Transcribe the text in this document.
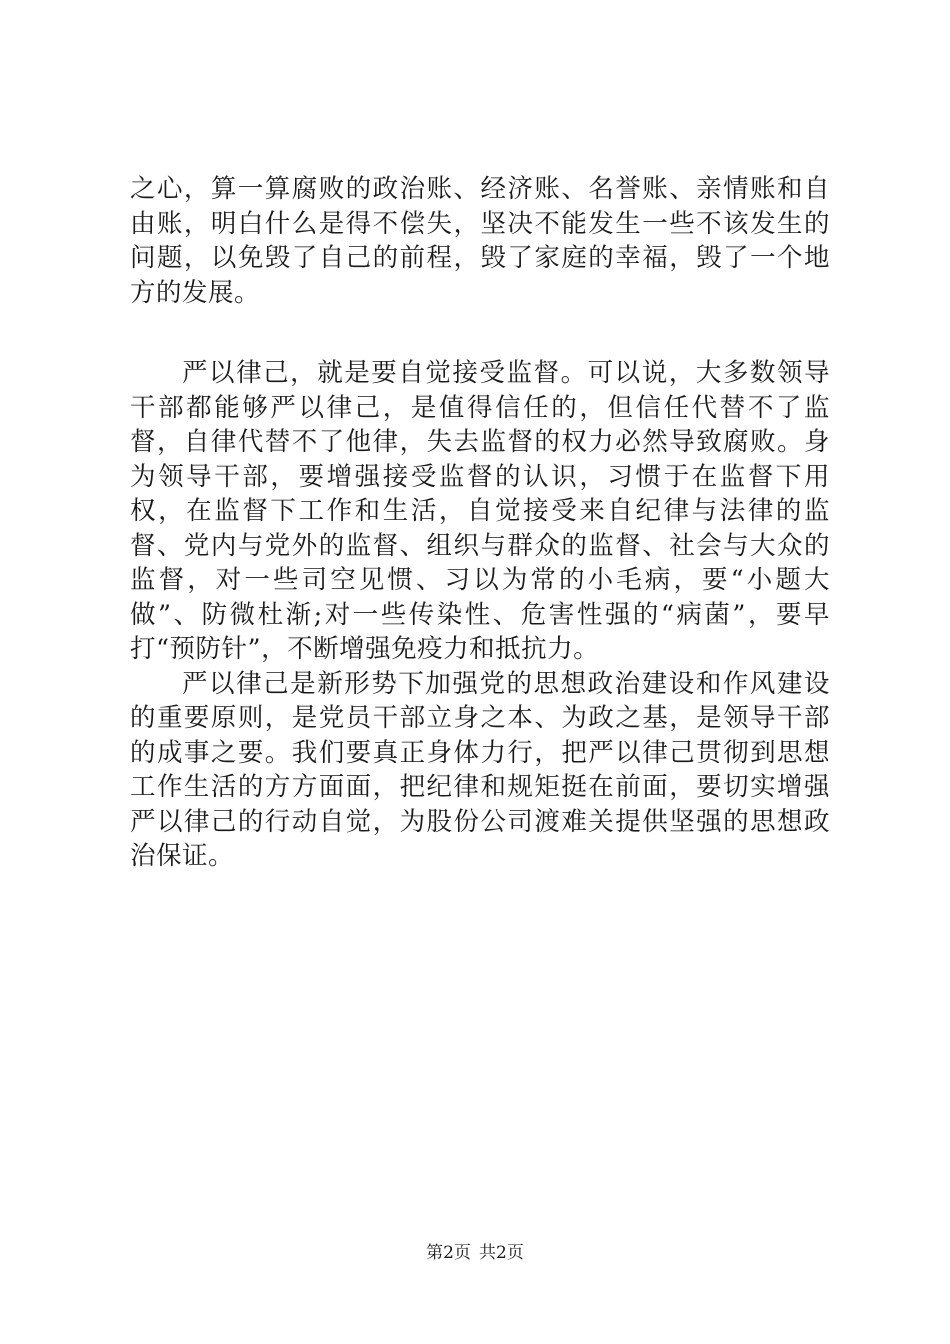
之心，算一算腐败的政治账、经济账、名誉账、亲情账和自由账，明白什么是得不偿失，坚决不能发生一些不该发生的问题，以免毁了自己的前程，毁了家庭的幸福，毁了一个地方的发展。

严以律己，就是要自觉接受监督。可以说，大多数领导干部都能够严以律己，是值得信任的，但信任代替不了监督，自律代替不了他律，失去监督的权力必然导致腐败。身为领导干部，要增强接受监督的认识，习惯于在监督下用权，在监督下工作和生活，自觉接受来自纪律与法律的监督、党内与党外的监督、组织与群众的监督、社会与大众的监督，对一些司空见惯、习以为常的小毛病，要“小题大做”、防微杜渐;对一些传染性、危害性强的“病菌”，要早打“预防针”，不断增强免疫力和抵抗力。

严以律己是新形势下加强党的思想政治建设和作风建设的重要原则，是党员干部立身之本、为政之基，是领导干部的成事之要。我们要真正身体力行，把严以律己贯彻到思想工作生活的方方面面，把纪律和规矩挺在前面，要切实增强严以律己的行动自觉，为股份公司渡难关提供坚强的思想政治保证。

第2页 共2页
